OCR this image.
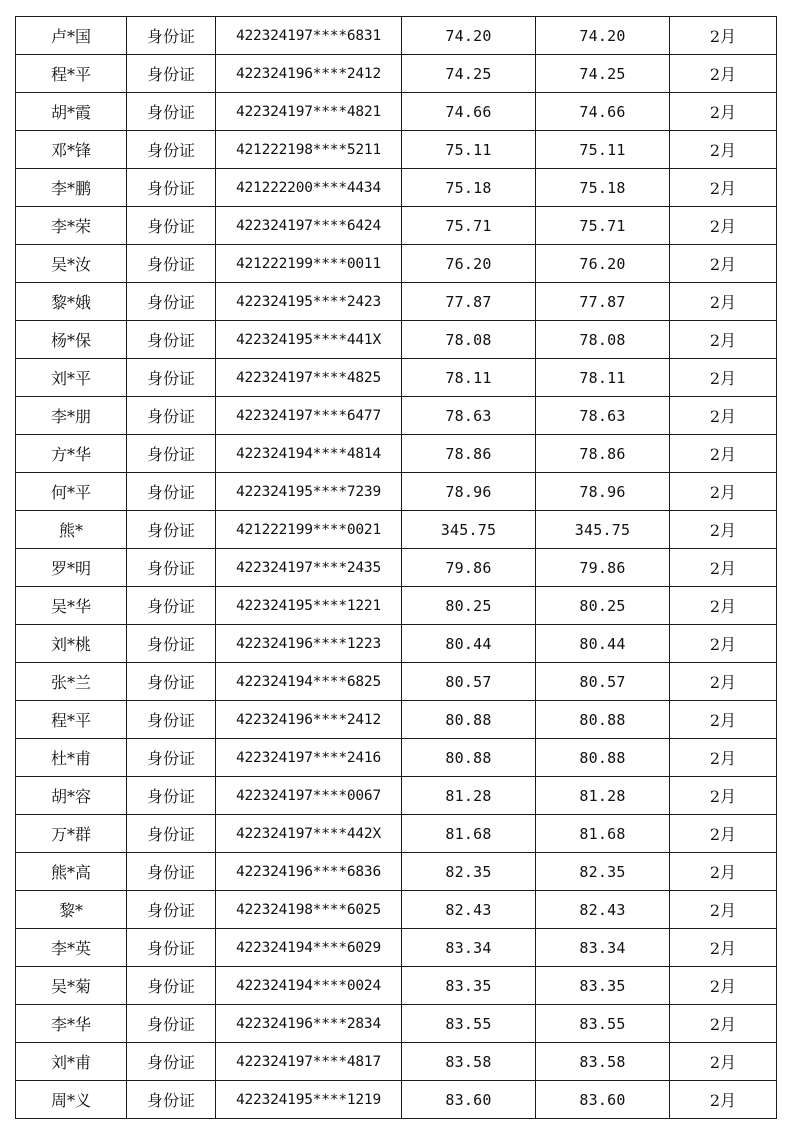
卢*国	身份证	422324197****6831	74.20	74.20	2月
程*平	身份证	422324196****2412	74.25	74.25	2月
胡*霞	身份证	422324197****4821	74.66	74.66	2月
邓*锋	身份证	421222198****5211	75.11	75.11	2月
李*鹏	身份证	421222200****4434	75.18	75.18	2月
李*荣	身份证	422324197****6424	75.71	75.71	2月
吴*汝	身份证	421222199****0011	76.20	76.20	2月
黎*娥	身份证	422324195****2423	77.87	77.87	2月
杨*保	身份证	422324195****441X	78.08	78.08	2月
刘*平	身份证	422324197****4825	78.11	78.11	2月
李*朋	身份证	422324197****6477	78.63	78.63	2月
方*华	身份证	422324194****4814	78.86	78.86	2月
何*平	身份证	422324195****7239	78.96	78.96	2月
熊*	身份证	421222199****0021	345.75	345.75	2月
罗*明	身份证	422324197****2435	79.86	79.86	2月
吴*华	身份证	422324195****1221	80.25	80.25	2月
刘*桃	身份证	422324196****1223	80.44	80.44	2月
张*兰	身份证	422324194****6825	80.57	80.57	2月
程*平	身份证	422324196****2412	80.88	80.88	2月
杜*甫	身份证	422324197****2416	80.88	80.88	2月
胡*容	身份证	422324197****0067	81.28	81.28	2月
万*群	身份证	422324197****442X	81.68	81.68	2月
熊*高	身份证	422324196****6836	82.35	82.35	2月
黎*	身份证	422324198****6025	82.43	82.43	2月
李*英	身份证	422324194****6029	83.34	83.34	2月
吴*菊	身份证	422324194****0024	83.35	83.35	2月
李*华	身份证	422324196****2834	83.55	83.55	2月
刘*甫	身份证	422324197****4817	83.58	83.58	2月
周*义	身份证	422324195****1219	83.60	83.60	2月
